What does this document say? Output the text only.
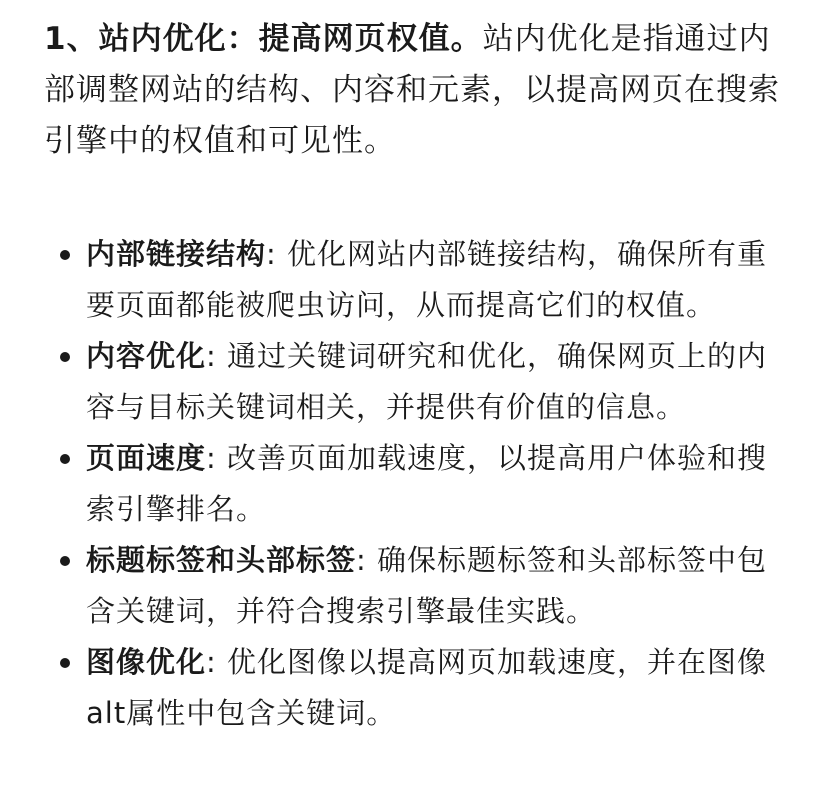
1、站内优化：提高网页权值。站内优化是指通过内部调整网站的结构、内容和元素，以提高网页在搜索引擎中的权值和可见性。

内部链接结构: 优化网站内部链接结构，确保所有重要页面都能被爬虫访问，从而提高它们的权值。
内容优化: 通过关键词研究和优化，确保网页上的内容与目标关键词相关，并提供有价值的信息。
页面速度: 改善页面加载速度，以提高用户体验和搜索引擎排名。
标题标签和头部标签: 确保标题标签和头部标签中包含关键词，并符合搜索引擎最佳实践。
图像优化: 优化图像以提高网页加载速度，并在图像alt属性中包含关键词。
